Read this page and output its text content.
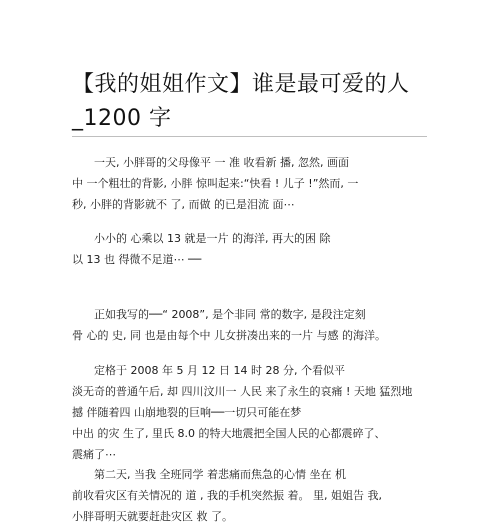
【我的姐姐作文】谁是最可爱的人
_1200 字
　　一天, 小胖哥的父母像平 一 准 收看新 播, 忽然, 画面
中 一个粗壮的背影, 小胖 惊叫起来:“快看 ! 儿子 !”然而, 一
秒, 小胖的背影就不 了, 而做 的已是泪流 面⋯
　　小小的 心乘以 13 就是一片 的海洋, 再大的困 除
以 13 也 得微不足道⋯ ──
　　正如我写的──“ 2008”, 是个非同 常的数字, 是段注定刻
骨 心的 史, 同 也是由每个中 儿女拼凑出来的一片 与感 的海洋。
　　定格于 2008 年 5 月 12 日 14 时 28 分, 个看似平
淡无奇的普通午后, 却 四川汶川一 人民 来了永生的哀痛 ! 天地 猛烈地
撼 伴随着四 山崩地裂的巨响──一切只可能在梦
中出 的灾 生了, 里氏 8.0 的特大地震把全国人民的心都震碎了、
震痛了⋯
　　第二天, 当我 全班同学 着悲痛而焦急的心情 坐在 机
前收看灾区有关情况的 道 , 我的手机突然振 着。 里, 姐姐告 我,
小胖哥明天就要赶赴灾区 救 了。
